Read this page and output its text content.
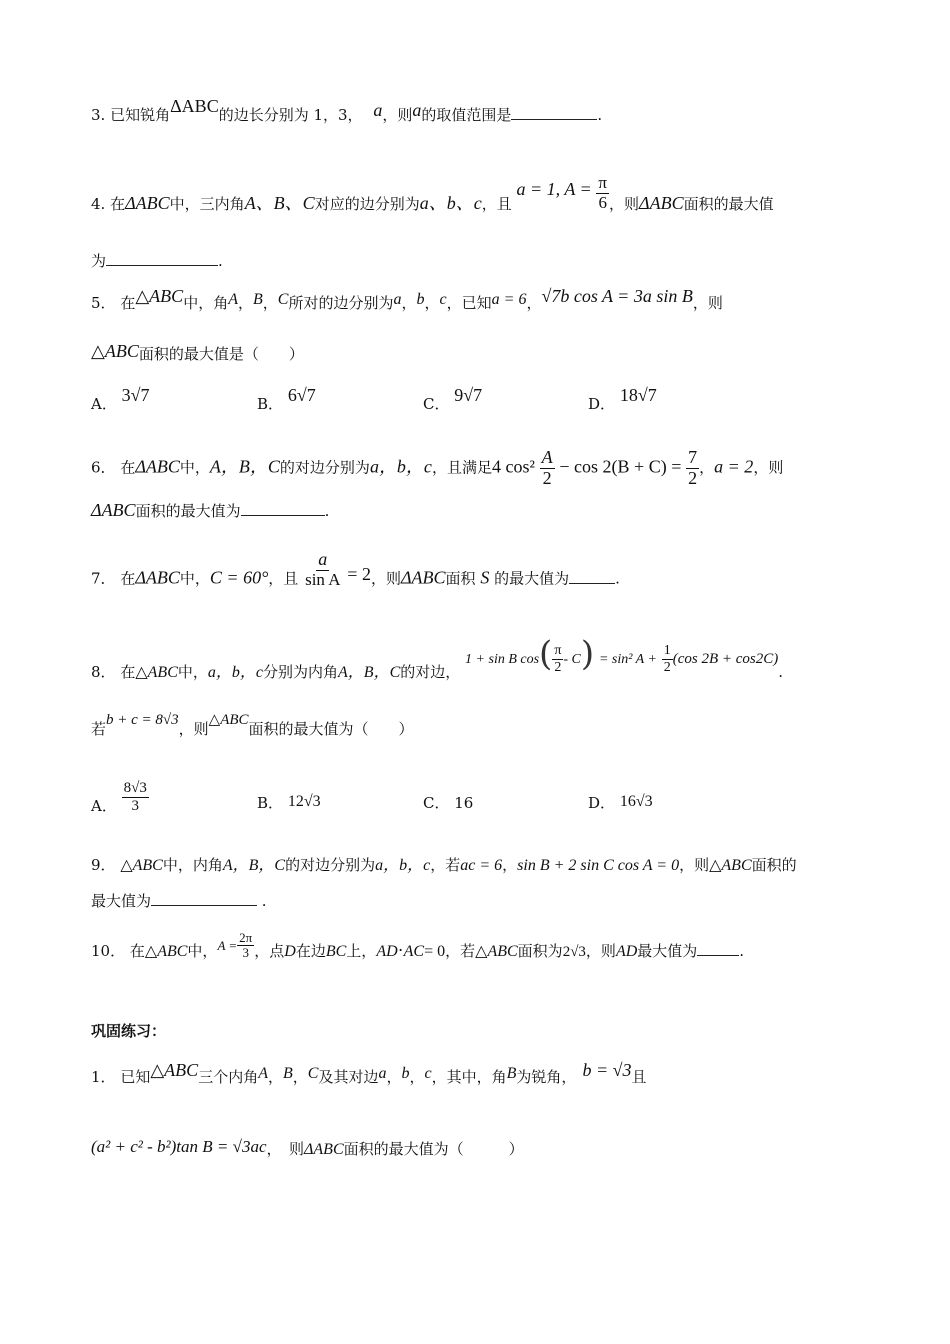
3. 已知锐角ΔABC的边长分别为 1，3， a，则a的取值范围是	.
4. 在ΔABC中，三内角A、B、C对应的边分别为a、b、c，且 a = 1, $A = \frac{\pi}{6}$ ，则ΔABC面积的最大值
为	.
5． 在△ABC中，角A，B，C所对的边分别为a，b，c，已知a = 6，√7b cos A = 3a sin B，则
△ABC面积的最大值是（　　）
A． 3√7	B． 6√7	C． 9√7	D． 18√7
6． 在ΔABC中，A，B，C的对边分别为a，b，c，且满足4 $\cos^2 \frac{A}{2} - \cos 2(B + C) = \frac{7}{2}$ ，a = 2，则
ΔABC面积的最大值为	.
7． 在ΔABC中，C = 60°，且 $\frac{a}{\text{sin A}} = 2$，则ΔABC面积 S 的最大值为	.
8． 在△ABC中，a，b，c分别为内角A，B，C的对边， 1 + sin B $\cos( \frac{\pi}{2} - C) = \sin^2$ $A + \frac{1}{2} (\cos$ 2B + cos2C).
若b + c = 8√3，则△ABC面积的最大值为（　　）
A． $\frac{8√3}{3}$	B． 12√3	C． 16	D． 16√3
9． △ABC中，内角A，B，C的对边分别为a，b，c，若ac = 6，sin B + 2 sin C cos A = 0，则△ABC面积的
最大值为	.
10． 在△ABC中，$A = \frac{2\pi}{3}$ ，点D在边BC上，AD·AC= 0，若△ABC面积为2√3，则AD最大值为	.
巩固练习：
1． 已知△ABC三个内角A，B，C及其对边a，b，c，其中，角B为锐角， b = √3且
(a² + c² - b²)tan B = √3ac，　则ΔABC面积的最大值为（　　　）
